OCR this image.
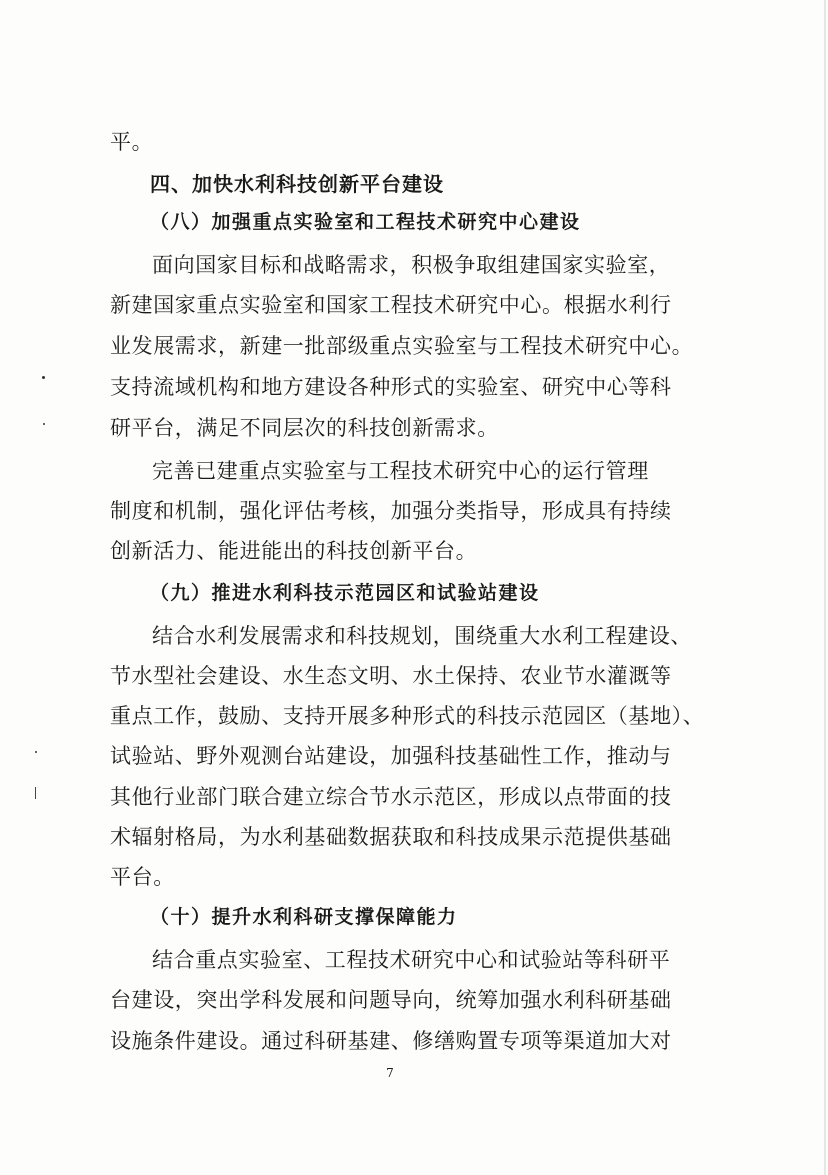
平。
四、加快水利科技创新平台建设
（八）加强重点实验室和工程技术研究中心建设
面向国家目标和战略需求，积极争取组建国家实验室，
新建国家重点实验室和国家工程技术研究中心。根据水利行
业发展需求，新建一批部级重点实验室与工程技术研究中心。
支持流域机构和地方建设各种形式的实验室、研究中心等科
研平台，满足不同层次的科技创新需求。
完善已建重点实验室与工程技术研究中心的运行管理
制度和机制，强化评估考核，加强分类指导，形成具有持续
创新活力、能进能出的科技创新平台。
（九）推进水利科技示范园区和试验站建设
结合水利发展需求和科技规划，围绕重大水利工程建设、
节水型社会建设、水生态文明、水土保持、农业节水灌溉等
重点工作，鼓励、支持开展多种形式的科技示范园区（基地）、
试验站、野外观测台站建设，加强科技基础性工作，推动与
其他行业部门联合建立综合节水示范区，形成以点带面的技
术辐射格局，为水利基础数据获取和科技成果示范提供基础
平台。
（十）提升水利科研支撑保障能力
结合重点实验室、工程技术研究中心和试验站等科研平
台建设，突出学科发展和问题导向，统筹加强水利科研基础
设施条件建设。通过科研基建、修缮购置专项等渠道加大对
7
